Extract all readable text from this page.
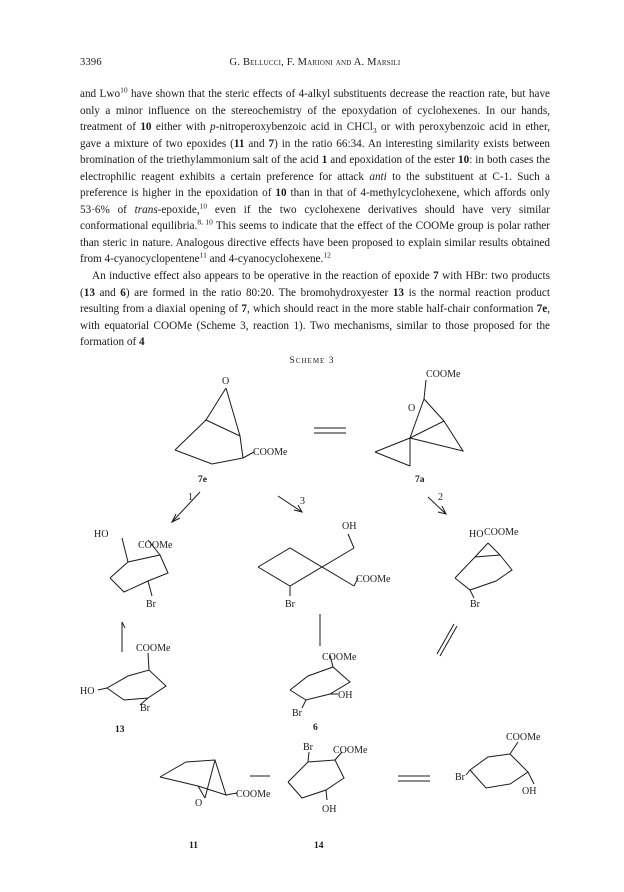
3396	G. Bellucci, F. Marioni and A. Marsili

and Lwo$^{10}$ have shown that the steric effects of 4-alkyl substituents decrease the reaction rate, but have only a minor influence on the stereochemistry of the epoxydation of cyclohexenes. In our hands, treatment of 10 either with p-nitroperoxybenzoic acid in CHCl$_3$ or with peroxybenzoic acid in ether, gave a mixture of two epoxides (11 and 7) in the ratio 66:34. An interesting similarity exists between bromination of the triethylammonium salt of the acid 1 and epoxidation of the ester 10: in both cases the electrophilic reagent exhibits a certain preference for attack anti to the substituent at C-1. Such a preference is higher in the epoxidation of 10 than in that of 4-methylcyclohexene, which affords only 53·6% of trans-epoxide,$^{10}$ even if the two cyclohexene derivatives should have very similar conformational equilibria.$^{8, 10}$ This seems to indicate that the effect of the COOMe group is polar rather than steric in nature. Analogous directive effects have been proposed to explain similar results obtained from 4-cyanocyclopentene$^{11}$ and 4-cyanocyclohexene.$^{12}$

An inductive effect also appears to be operative in the reaction of epoxide 7 with HBr: two products (13 and 6) are formed in the ratio 80:20. The bromohydroxyester 13 is the normal reaction product resulting from a diaxial opening of 7, which should react in the more stable half-chair conformation 7e, with equatorial COOMe (Scheme 3, reaction 1). Two mechanisms, similar to those proposed for the formation of 4

Scheme 3
O
COOMe
7e
O
COOMe
7a
1	3	2
HO
COOMe
Br
OH
COOMe
Br
HO COOMe
Br
COOMe
HO
Br
13
COOMe
OH
Br
6
O
COOMe
11
Br COOMe
OH
14
COOMe
Br
OH
